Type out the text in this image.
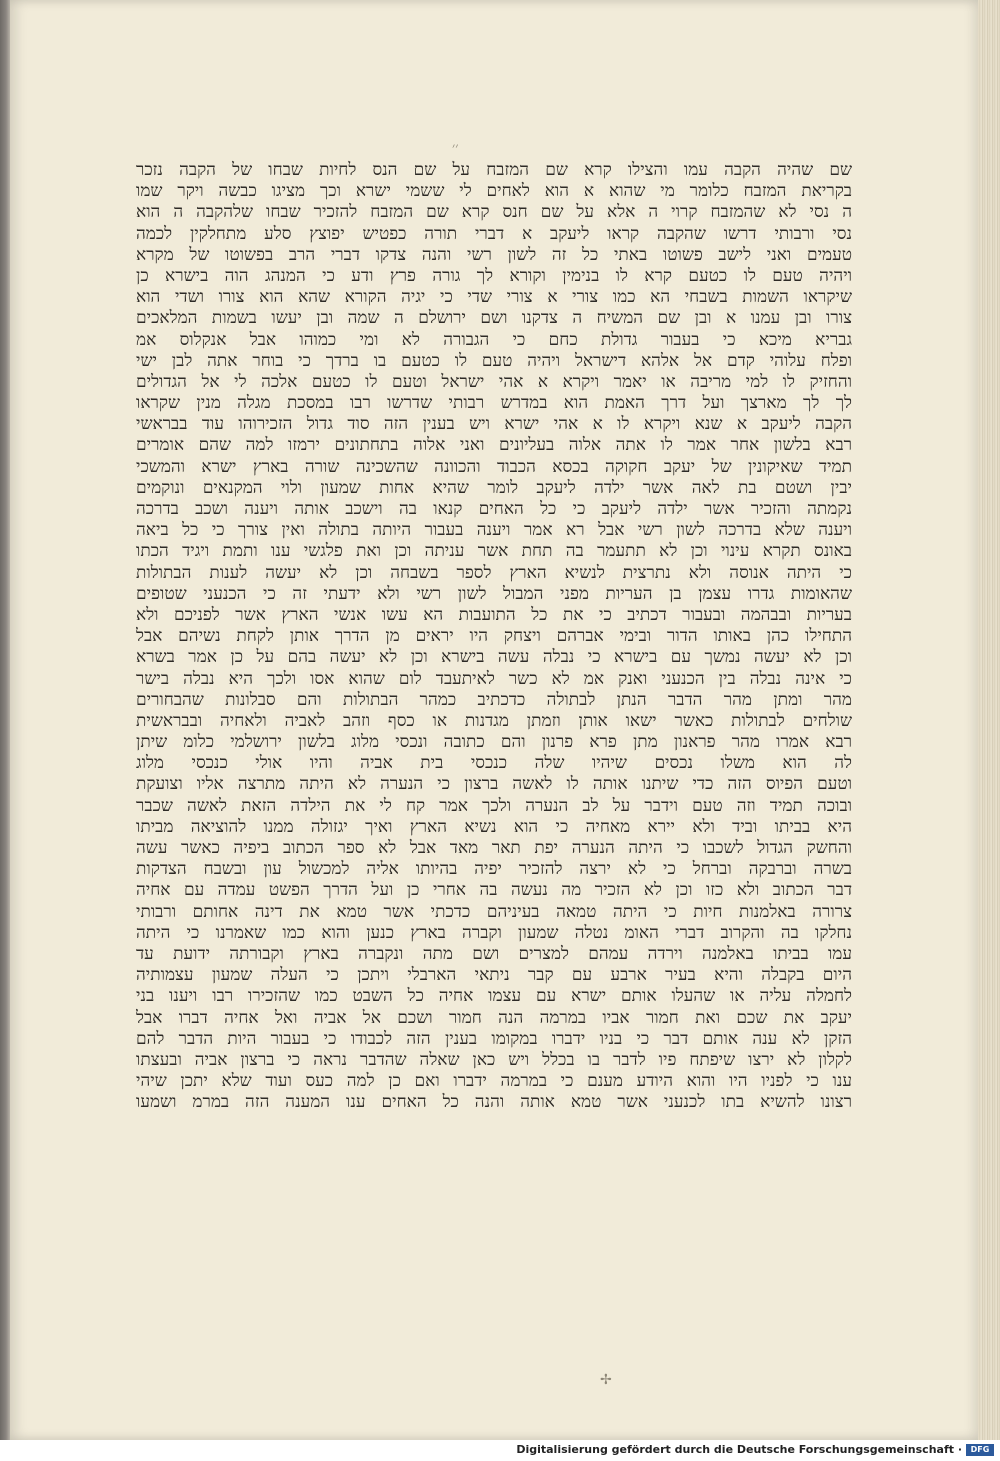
׳׳
שם שהיה הקבה עמו והצילו קרא שם המזבח על שם הנס לחיות שבחו של הקבה נזכר
בקריאת המזבח כלומר מי שהוא א הוא לאחים לי ששמי ישרא וכך מציגו כבשה ויקר שמו
ה נסי לא שהמזבח קרוי ה אלא על שם חנס קרא שם המזבח להזכיר שבחו שלהקבה ה הוא
נסי ורבותי דרשו שהקבה קראו ליעקב א דברי תורה כפטיש יפוצץ סלע מתחלקין לכמה
טעמים ואני לישב פשוטו באתי כל זה לשון רשי והנה צדקו דברי הרב בפשוטו של מקרא
ויהיה טעם לו כטעם קרא לו בנימין וקורא לך גורה פרץ ודע כי המנהג הוה בישרא כן
שיקראו השמות בשבחי הא כמו צורי א צורי שדי כי יגיה הקורא שהא הוא צורו ושדי הוא
צורו ובן עמנו א ובן שם המשיח ה צדקנו ושם ירושלם ה שמה ובן יעשו בשמות המלאכים
גבריא מיכא כי בעבור גדולת כחם כי הגבורה לא ומי כמוהו אבל אנקלוס אמ
ופלח עלוהי קדם אל אלהא דישראל ויהיה טעם לו כטעם בו ברדך כי בוחר אתה לבן ישי
והחזיק לו למי מריבה או יאמר ויקרא א אהי ישראל וטעם לו כטעם אלכה לי אל הגדולים
לך לך מארצך ועל דרך האמת הוא במדרש רבותי שדרשו רבו במסכת מגלה מנין שקראו
הקבה ליעקב א שנא ויקרא לו א אהי ישרא ויש בענין הזה סוד גדול הזכירוהו עוד בבראשי
רבא בלשון אחר אמר לו אתה אלוה בעליונים ואני אלוה בתחתונים ירמזו למה שהם אומרים
תמיד שאיקונין של יעקב חקוקה בכסא הכבוד והכוונה שהשכינה שורה בארץ ישרא והמשכי
יבין ושטם בת לאה אשר ילדה ליעקב לומר שהיא אחות שמעון ולוי המקנאים ונוקמים
נקמתה והזכיר אשר ילדה ליעקב כי כל האחים קנאו בה וישכב אותה ויענה ושכב בדרכה
ויענה שלא בדרכה לשון רשי אבל רא אמר ויענה בעבור היותה בתולה ואין צורך כי כל ביאה
באונס תקרא עינוי וכן לא תתעמר בה תחת אשר עניתה וכן ואת פלגשי ענו ותמת ויגיד הכתו
כי היתה אנוסה ולא נתרצית לנשיא הארץ לספר בשבחה וכן לא יעשה לענות הבתולות
שהאומות גדרו עצמן בן העריות מפני המבול לשון רשי ולא ידעתי זה כי הכנעני שטופים
בעריות ובבהמה ובעבור דכתיב כי את כל התועבות הא עשו אנשי הארץ אשר לפניכם ולא
התחילו כהן באותו הדור ובימי אברהם ויצחק היו יראים מן הדרך אותן לקחת נשיהם אבל
וכן לא יעשה נמשך עם בישרא כי נבלה עשה בישרא וכן לא יעשה בהם על כן אמר בשרא
כי אינה נבלה בין הכנעני ואנק אמ לא כשר לאיתעבד לום שהוא אסו ולכך היא נבלה בישר
מהר ומתן מהר הדבר הנתן לבתולה כדכתיב כמהר הבתולות והם סבלונות שהבחורים
שולחים לבתולות כאשר ישאו אותן וזמתן מגדנות או כסף וזהב לאביה ולאחיה ובבראשית
רבא אמרו מהר פראנון מתן פרא פרנון והם כתובה ונכסי מלוג בלשון ירושלמי כלומ שיתן
לה הוא משלו נכסים שיהיו שלה כנכסי בית אביה והיו אולי כנכסי מלוג
וטעם הפיוס הזה כדי שיתנו אותה לו לאשה ברצון כי הנערה לא היתה מתרצה אליו וצועקת
ובוכה תמיד וזה טעם וידבר על לב הנערה ולכך אמר קח לי את הילדה הזאת לאשה שכבר
היא בביתו וביד ולא יירא מאחיה כי הוא נשיא הארץ ואיך יגזולה ממנו להוציאה מביתו
והחשק הגדול לשכבו כי היתה הנערה יפת תאר מאד אבל לא ספר הכתוב ביפיה כאשר עשה
בשרה וברבקה וברחל כי לא ירצה להזכיר יפיה בהיותו אליה למכשול עון ובשבח הצדקות
דבר הכתוב ולא כזו וכן לא הזכיר מה נעשה בה אחרי כן ועל הדרך הפשט עמדה עם אחיה
צרורה באלמנות חיות כי היתה טמאה בעיניהם כדכתי אשר טמא את דינה אחותם ורבותי
נחלקו בה והקרוב דברי האומ נטלה שמעון וקברה בארץ כנען והוא כמו שאמרנו כי היתה
עמו בביתו באלמנה וירדה עמהם למצרים ושם מתה ונקברה בארץ וקבורתה ידועת עד
היום בקבלה והיא בעיר ארבע עם קבר ניתאי הארבלי ויתכן כי העלה שמעון עצמותיה
לחמלה עליה או שהעלו אותם ישרא עם עצמו אחיה כל השבט כמו שהזכירו רבו ויענו בני
יעקב את שכם ואת חמור אביו במרמה הנה חמור ושכם אל אביה ואל אחיה דברו אבל
הזקן לא ענה אותם דבר כי בניו ידברו במקומו בענין הזה לכבודו כי בעבור היות הדבר להם
לקלון לא ירצו שיפתח פיו לדבר בו בכלל ויש כאן שאלה שהדבר נראה כי ברצון אביה ובעצתו
ענו כי לפניו היו והוא היודע מענם כי במרמה ידברו ואם כן למה כעס ועוד שלא יתכן שיהי
רצונו להשיא בתו לכנעני אשר טמא אותה והנה כל האחים ענו המענה הזה במרמ ושמעו
✢
Digitalisierung gefördert durch die Deutsche Forschungsgemeinschaft ·	DFG
